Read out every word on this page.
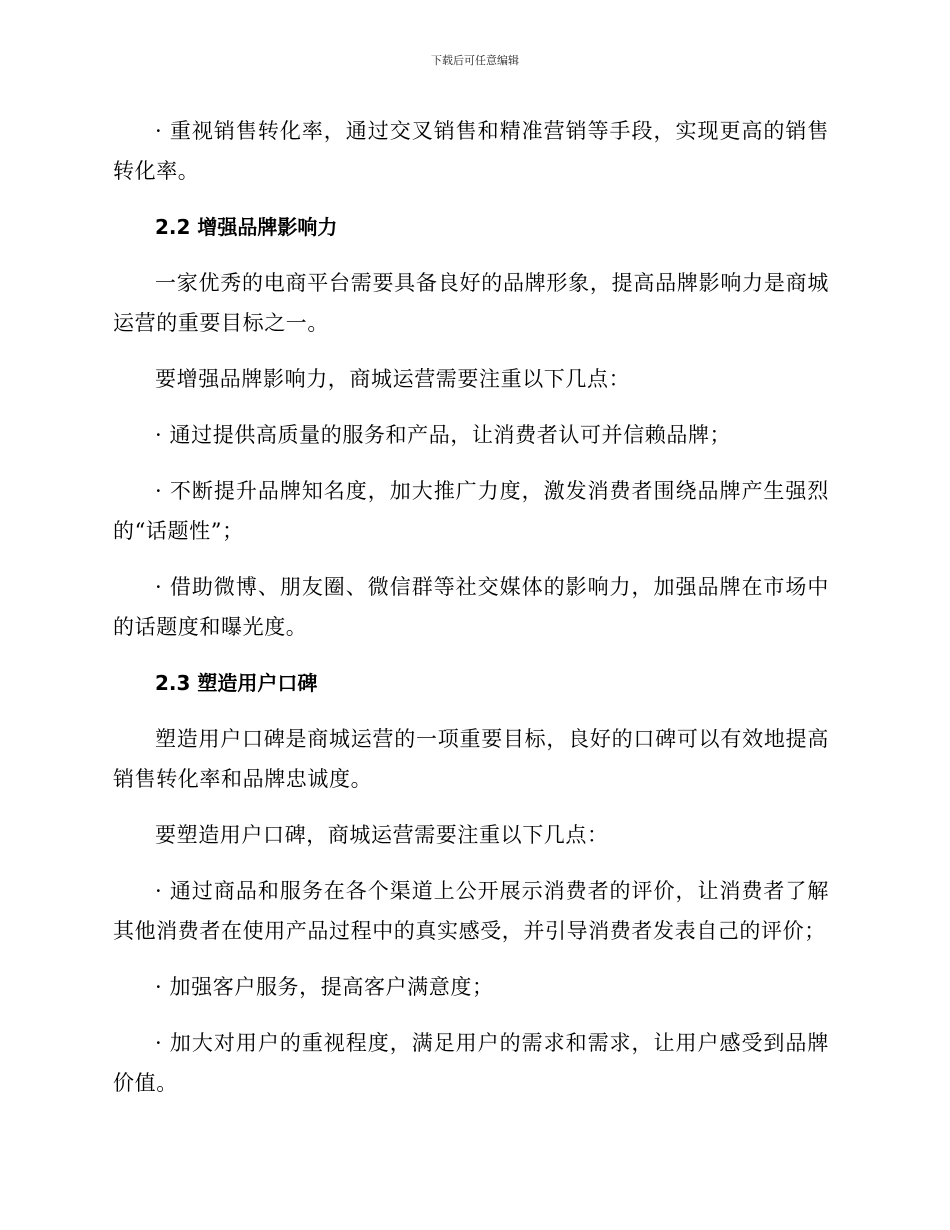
下载后可任意编辑

· 重视销售转化率，通过交叉销售和精准营销等手段，实现更高的销售转化率。

2.2 增强品牌影响力

一家优秀的电商平台需要具备良好的品牌形象，提高品牌影响力是商城运营的重要目标之一。

要增强品牌影响力，商城运营需要注重以下几点：

· 通过提供高质量的服务和产品，让消费者认可并信赖品牌；

· 不断提升品牌知名度，加大推广力度，激发消费者围绕品牌产生强烈的“话题性”；

· 借助微博、朋友圈、微信群等社交媒体的影响力，加强品牌在市场中的话题度和曝光度。

2.3 塑造用户口碑

塑造用户口碑是商城运营的一项重要目标，良好的口碑可以有效地提高销售转化率和品牌忠诚度。

要塑造用户口碑，商城运营需要注重以下几点：

· 通过商品和服务在各个渠道上公开展示消费者的评价，让消费者了解其他消费者在使用产品过程中的真实感受，并引导消费者发表自己的评价；

· 加强客户服务，提高客户满意度；

· 加大对用户的重视程度，满足用户的需求和需求，让用户感受到品牌价值。
